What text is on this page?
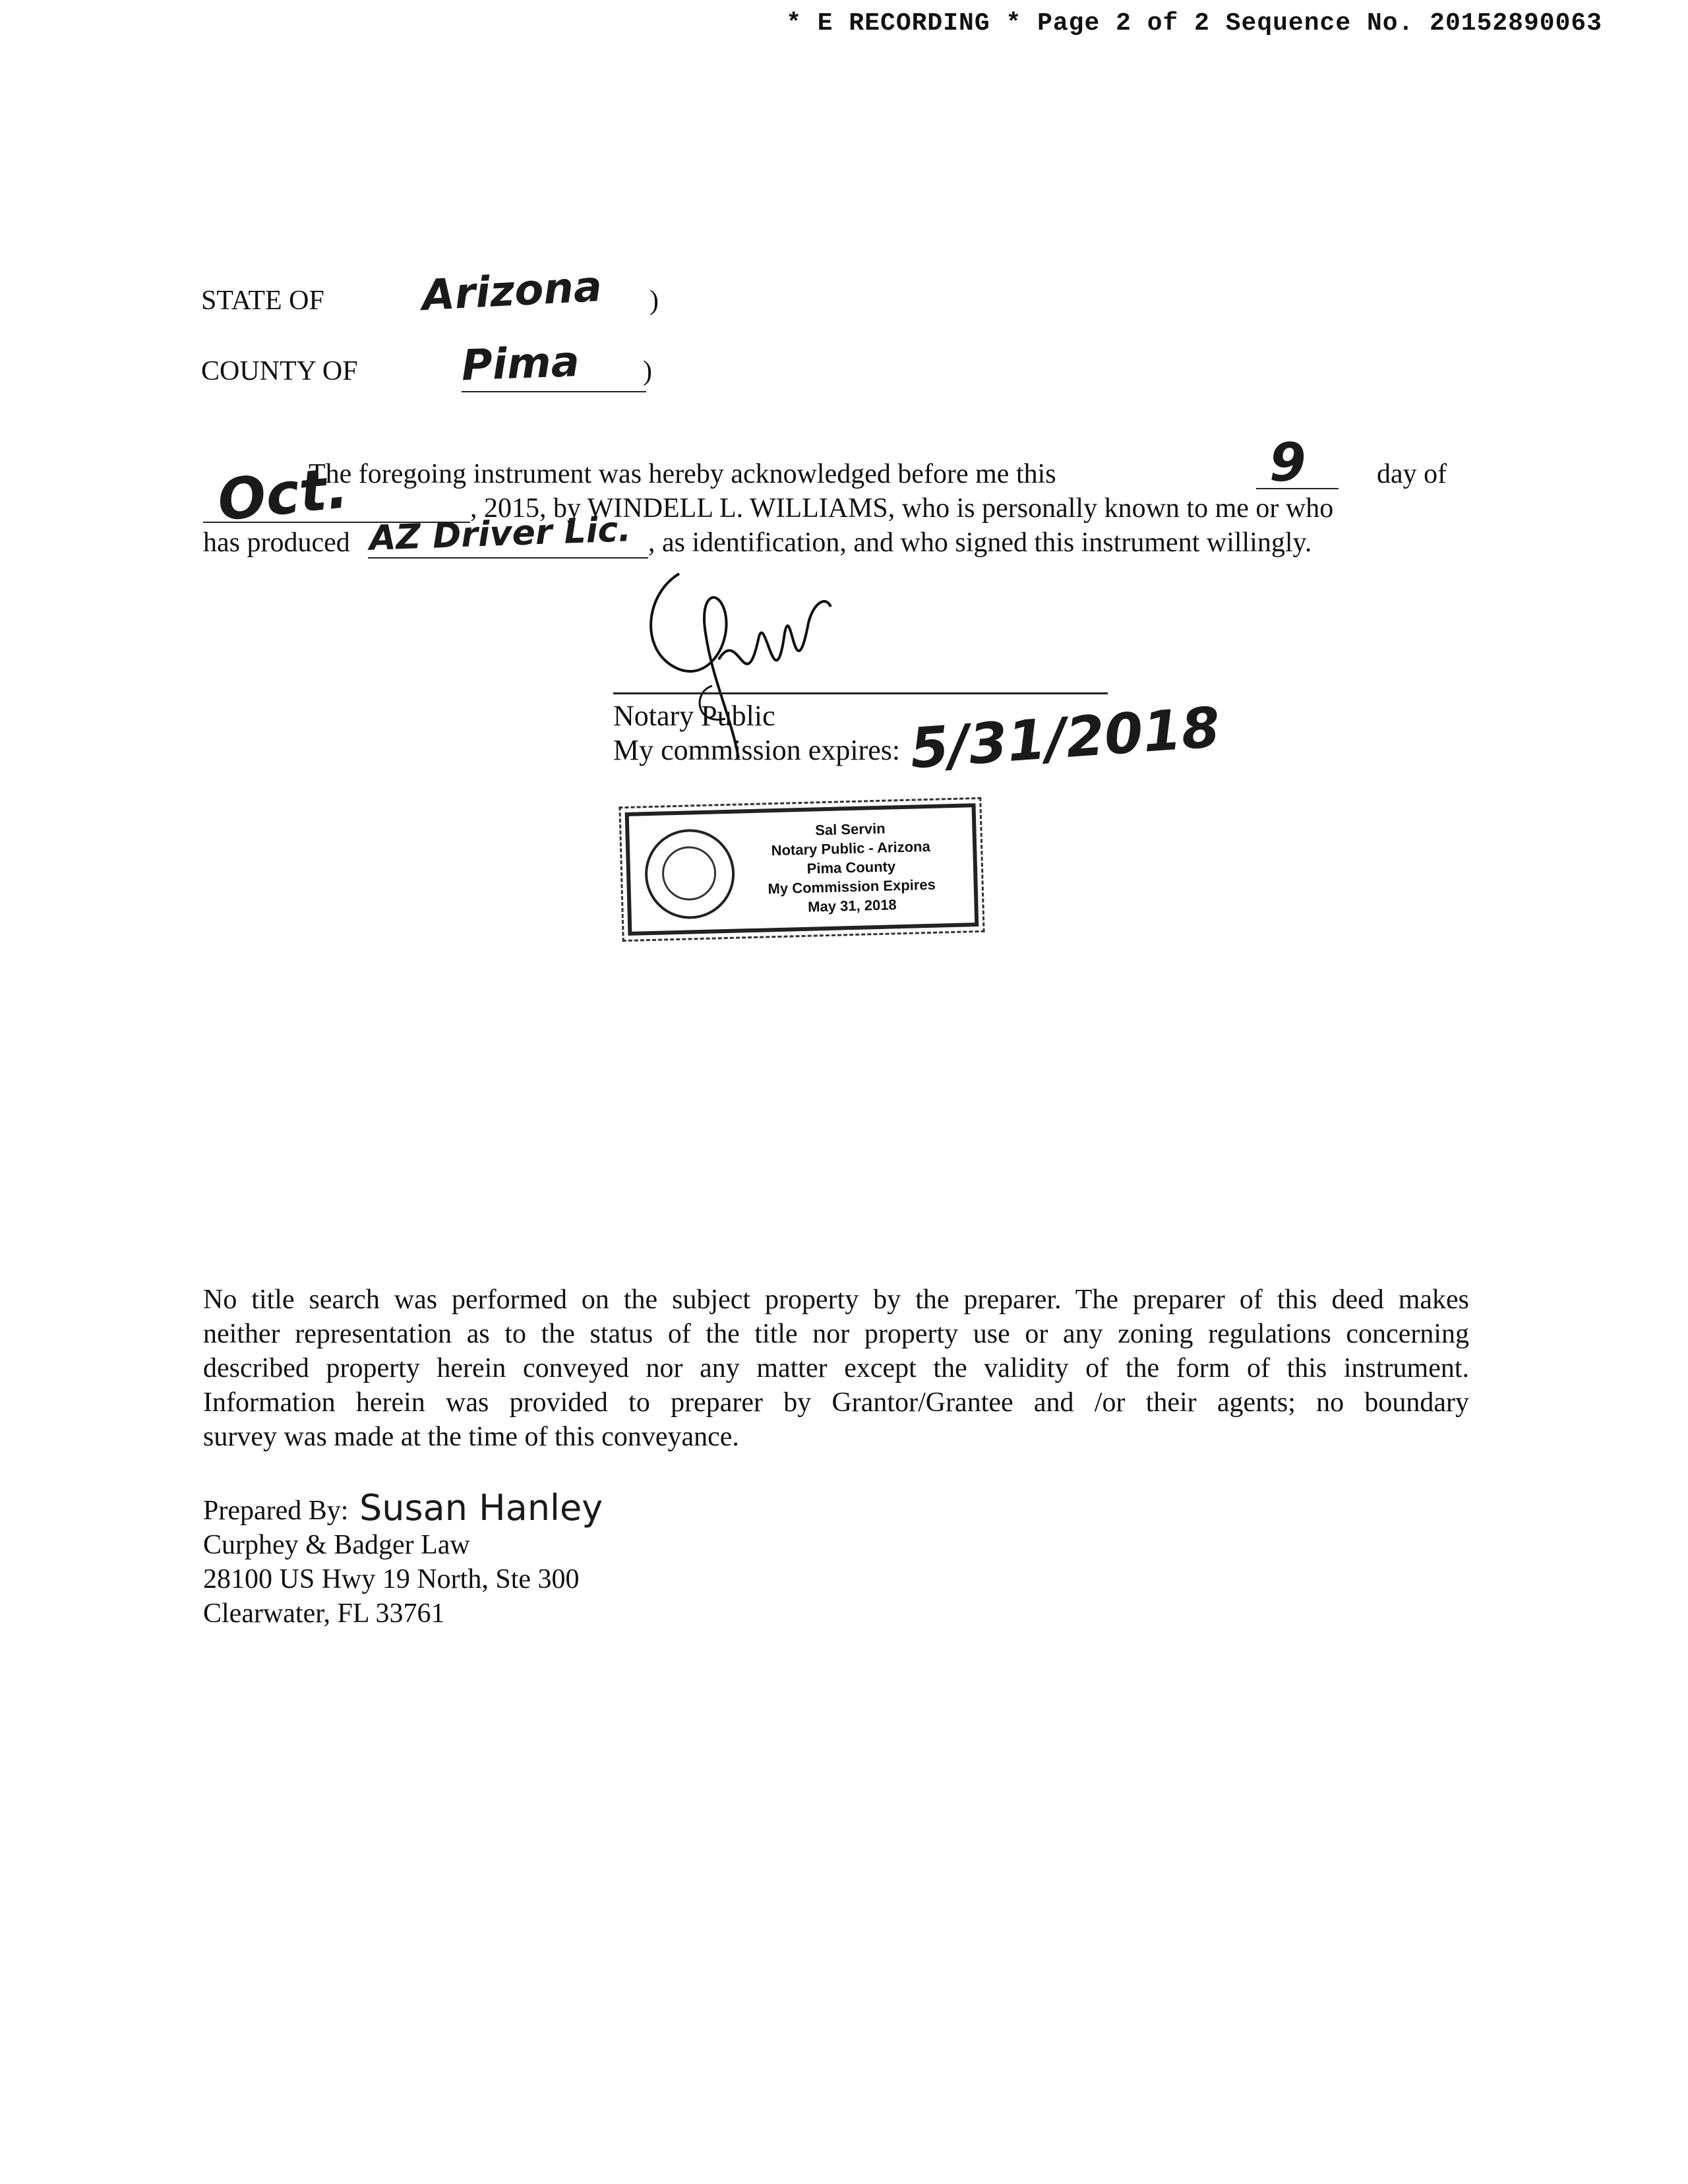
* E RECORDING * Page 2 of 2 Sequence No. 20152890063
STATE OF Arizona )
COUNTY OF Pima )
The foregoing instrument was hereby acknowledged before me this	9	day of
Oct.	, 2015, by WINDELL L. WILLIAMS, who is personally known to me or who
has produced AZ Driver Lic. , as identification, and who signed this instrument willingly.
Notary Public
My commission expires: 5/31/2018
Sal Servin
Notary Public - Arizona
Pima County
My Commission Expires
May 31, 2018
No title search was performed on the subject property by the preparer. The preparer of this deed makes
neither representation as to the status of the title nor property use or any zoning regulations concerning
described property herein conveyed nor any matter except the validity of the form of this instrument.
Information herein was provided to preparer by Grantor/Grantee and /or their agents; no boundary
survey was made at the time of this conveyance.
Prepared By: Susan Hanley
Curphey & Badger Law
28100 US Hwy 19 North, Ste 300
Clearwater, FL 33761
